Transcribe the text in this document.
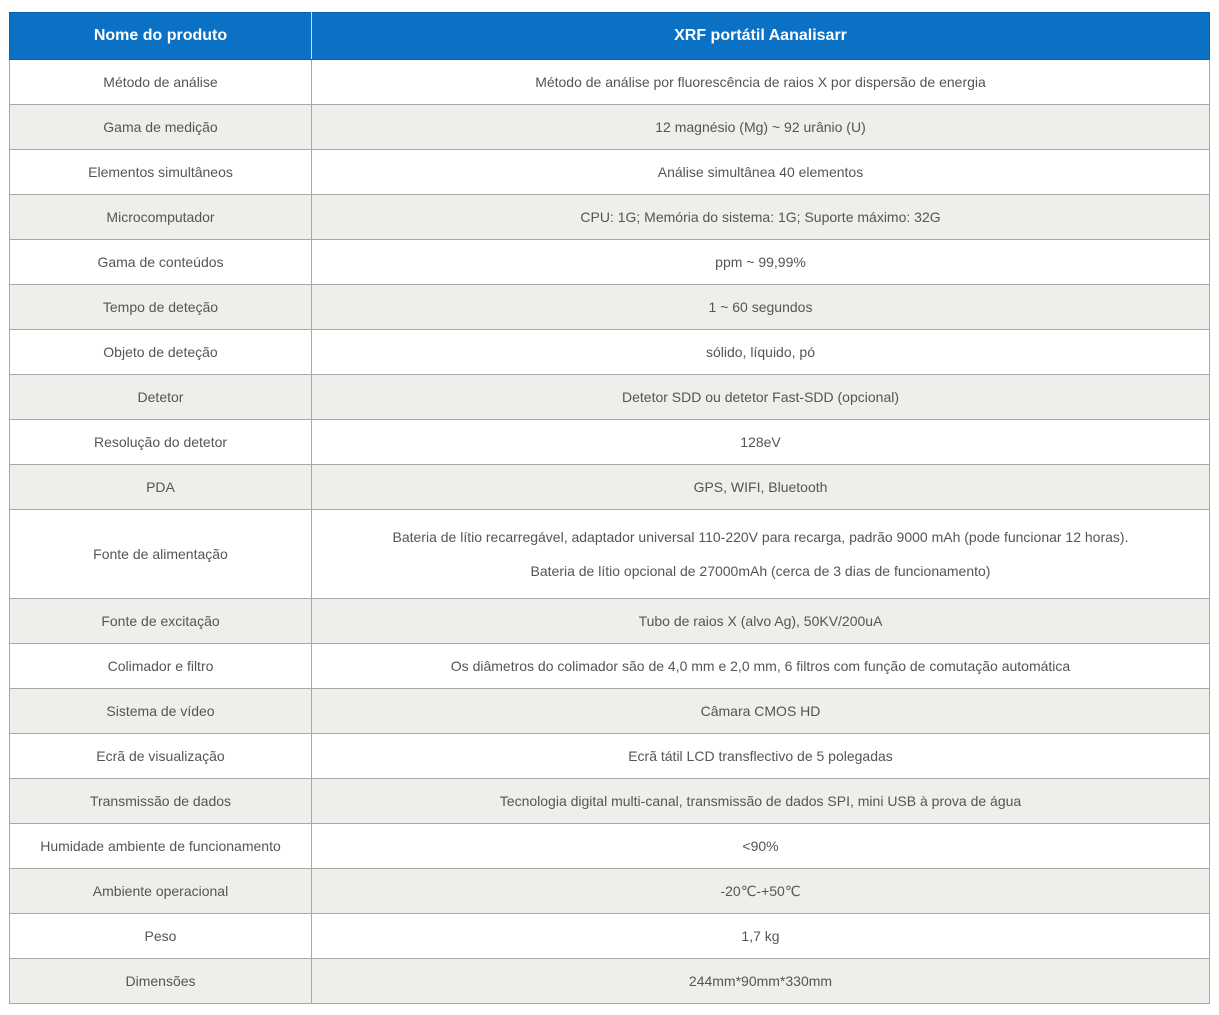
Nome do produto	XRF portátil Aanalisarr
Método de análise	Método de análise por fluorescência de raios X por dispersão de energia
Gama de medição	12 magnésio (Mg) ~ 92 urânio (U)
Elementos simultâneos	Análise simultânea 40 elementos
Microcomputador	CPU: 1G; Memória do sistema: 1G; Suporte máximo: 32G
Gama de conteúdos	ppm ~ 99,99%
Tempo de deteção	1 ~ 60 segundos
Objeto de deteção	sólido, líquido, pó
Detetor	Detetor SDD ou detetor Fast-SDD (opcional)
Resolução do detetor	128eV
PDA	GPS, WIFI, Bluetooth
Fonte de alimentação	Bateria de lítio recarregável, adaptador universal 110-220V para recarga, padrão 9000 mAh (pode funcionar 12 horas).
Bateria de lítio opcional de 27000mAh (cerca de 3 dias de funcionamento)

Fonte de excitação	Tubo de raios X (alvo Ag), 50KV/200uA
Colimador e filtro	Os diâmetros do colimador são de 4,0 mm e 2,0 mm, 6 filtros com função de comutação automática
Sistema de vídeo	Câmara CMOS HD
Ecrã de visualização	Ecrã tátil LCD transflectivo de 5 polegadas
Transmissão de dados	Tecnologia digital multi-canal, transmissão de dados SPI, mini USB à prova de água
Humidade ambiente de funcionamento	<90%
Ambiente operacional	-20℃-+50℃
Peso	1,7 kg
Dimensões	244mm*90mm*330mm
